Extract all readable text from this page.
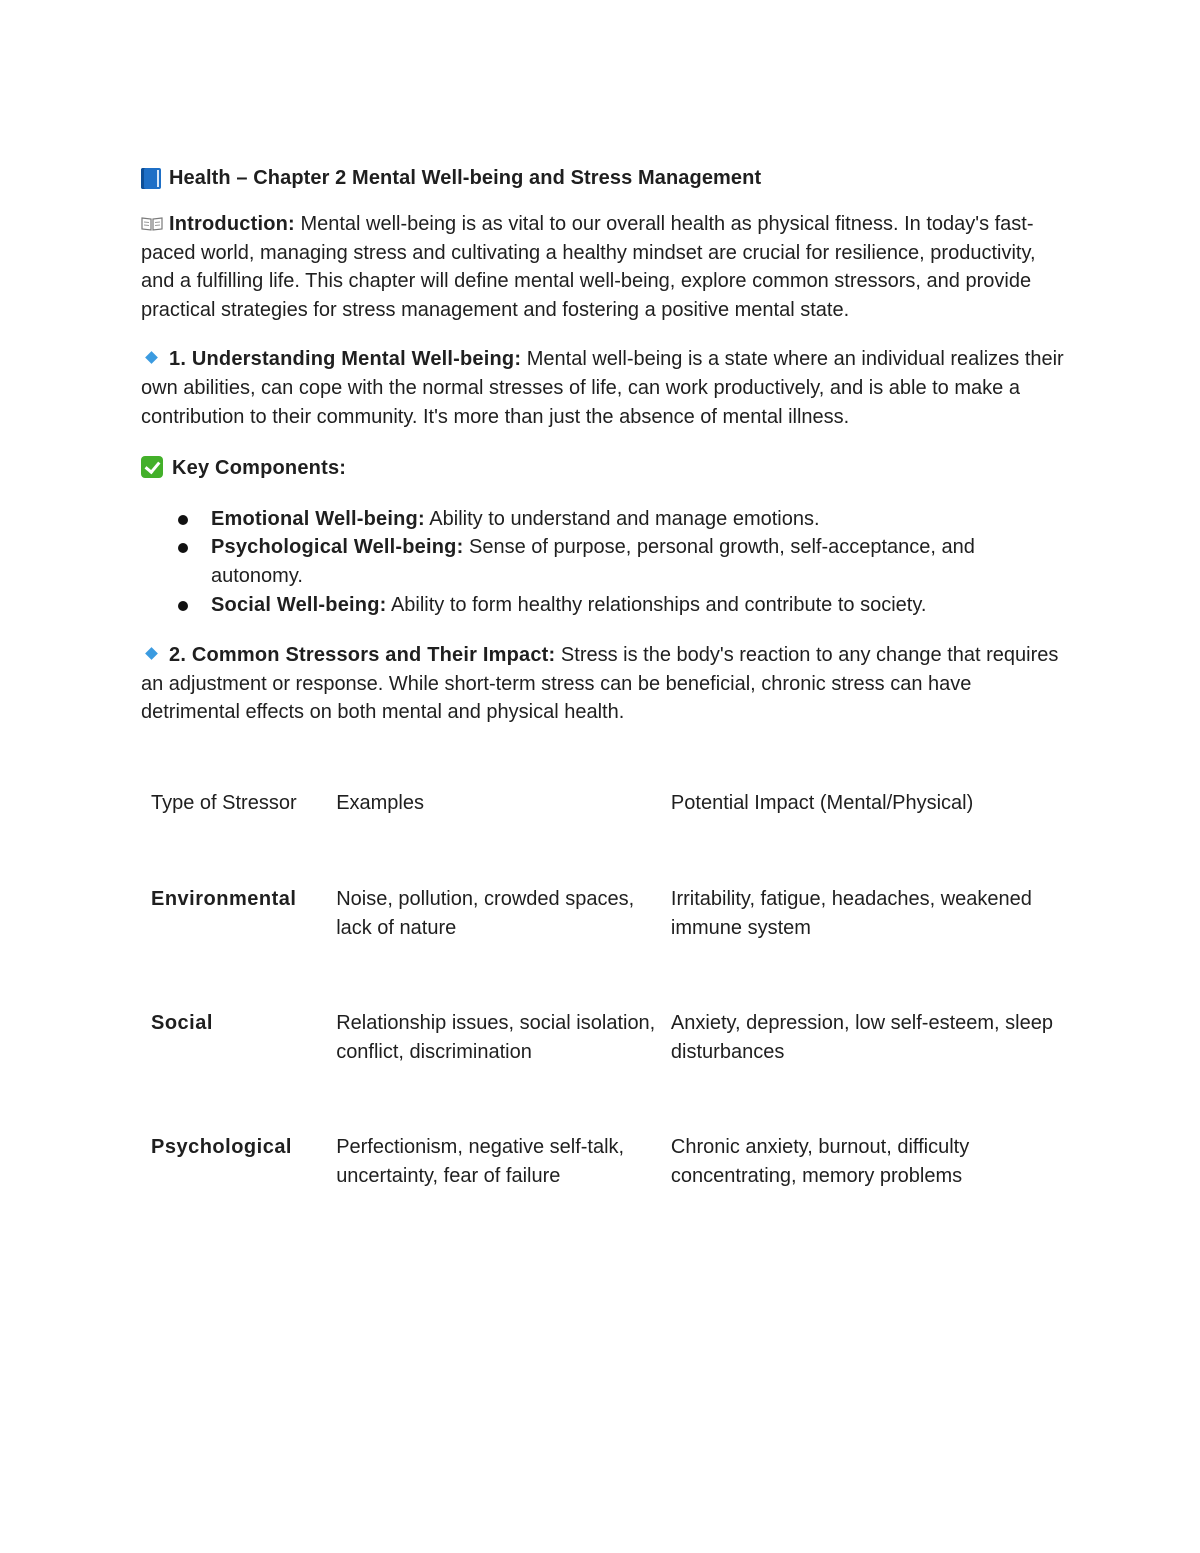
Health – Chapter 2 Mental Well-being and Stress Management

Introduction: Mental well-being is as vital to our overall health as physical fitness. In today's fast-paced world, managing stress and cultivating a healthy mindset are crucial for resilience, productivity, and a fulfilling life. This chapter will define mental well-being, explore common stressors, and provide practical strategies for stress management and fostering a positive mental state.

1. Understanding Mental Well-being: Mental well-being is a state where an individual realizes their own abilities, can cope with the normal stresses of life, can work productively, and is able to make a contribution to their community. It's more than just the absence of mental illness.

Key Components:

Emotional Well-being: Ability to understand and manage emotions.
Psychological Well-being: Sense of purpose, personal growth, self-acceptance, and autonomy.
Social Well-being: Ability to form healthy relationships and contribute to society.

2. Common Stressors and Their Impact: Stress is the body's reaction to any change that requires an adjustment or response. While short-term stress can be beneficial, chronic stress can have detrimental effects on both mental and physical health.

Type of Stressor	Examples	Potential Impact (Mental/Physical)
Environmental	Noise, pollution, crowded spaces, lack of nature	Irritability, fatigue, headaches, weakened immune system
Social	Relationship issues, social isolation, conflict, discrimination	Anxiety, depression, low self-esteem, sleep disturbances
Psychological	Perfectionism, negative self-talk, uncertainty, fear of failure	Chronic anxiety, burnout, difficulty concentrating, memory problems
